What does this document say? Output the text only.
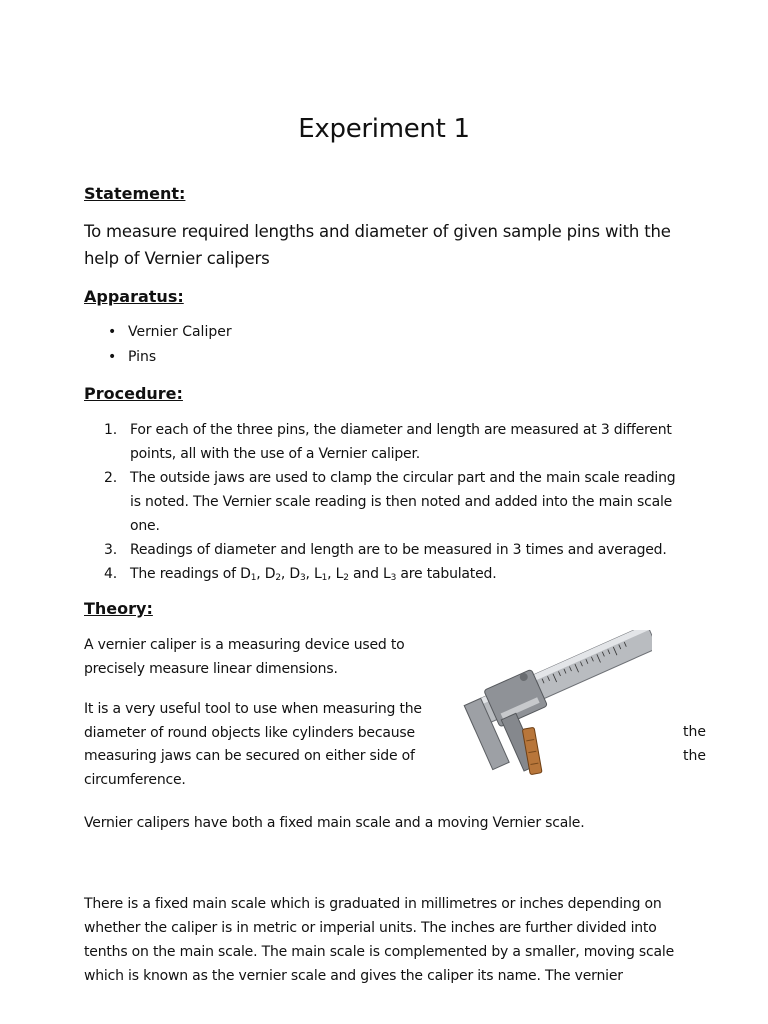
Experiment 1
Statement:
To measure required lengths and diameter of given sample pins with the
help of Vernier calipers
Apparatus:
• Vernier Caliper
• Pins
Procedure:
1. For each of the three pins, the diameter and length are measured at 3 different
points, all with the use of a Vernier caliper.
2. The outside jaws are used to clamp the circular part and the main scale reading
is noted. The Vernier scale reading is then noted and added into the main scale
one.
3. Readings of diameter and length are to be measured in 3 times and averaged.
4. The readings of $D_1$, $D_2$, $D_3$, $L_1$, $L_2$ and $L_3$ are tabulated.
Theory:
A vernier caliper is a measuring device used to
precisely measure linear dimensions.
It is a very useful tool to use when measuring the
diameter of round objects like cylinders because
measuring jaws can be secured on either side of
circumference.
the
the
Vernier calipers have both a fixed main scale and a moving Vernier scale.
There is a fixed main scale which is graduated in millimetres or inches depending on
whether the caliper is in metric or imperial units. The inches are further divided into
tenths on the main scale. The main scale is complemented by a smaller, moving scale
which is known as the vernier scale and gives the caliper its name. The vernier
